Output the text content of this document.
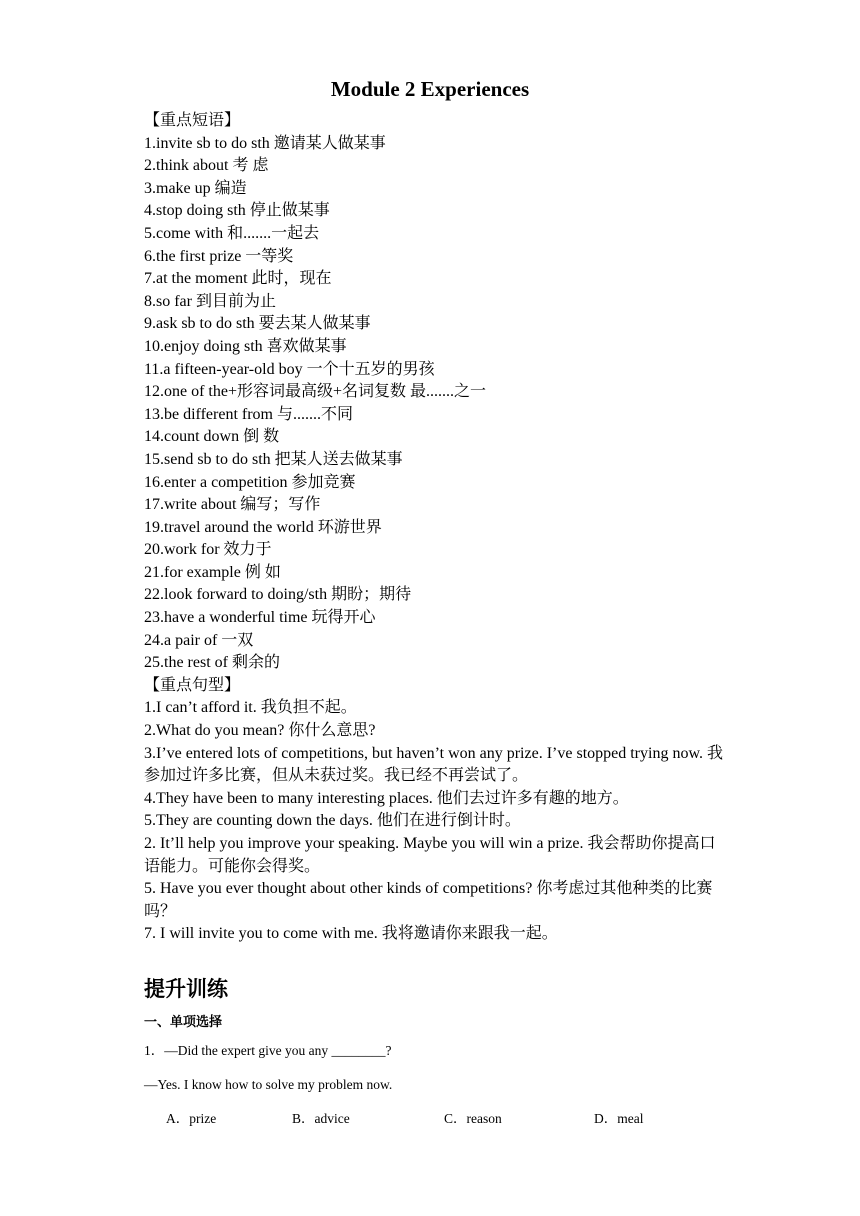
Module 2 Experiences
【重点短语】
1.invite sb to do sth 邀请某人做某事
2.think about 考 虑
3.make up 编造
4.stop doing sth 停止做某事
5.come with 和.......一起去
6.the first prize 一等奖
7.at the moment 此时，现在
8.so far 到目前为止
9.ask sb to do sth 要去某人做某事
10.enjoy doing sth 喜欢做某事
11.a fifteen-year-old boy 一个十五岁的男孩
12.one of the+形容词最高级+名词复数 最.......之一
13.be different from 与.......不同
14.count down 倒 数
15.send sb to do sth 把某人送去做某事
16.enter a competition 参加竞赛
17.write about 编写；写作
19.travel around the world 环游世界
20.work for 效力于
21.for example 例 如
22.look forward to doing/sth 期盼；期待
23.have a wonderful time 玩得开心
24.a pair of 一双
25.the rest of 剩余的
【重点句型】
1.I can’t afford it. 我负担不起。
2.What do you mean? 你什么意思?
3.I’ve entered lots of competitions, but haven’t won any prize. I’ve stopped trying now. 我参加过许多比赛，但从未获过奖。我已经不再尝试了。
4.They have been to many interesting places. 他们去过许多有趣的地方。
5.They are counting down the days. 他们在进行倒计时。
2. It’ll help you improve your speaking. Maybe you will win a prize. 我会帮助你提高口语能力。可能你会得奖。
5. Have you ever thought about other kinds of competitions? 你考虑过其他种类的比赛吗？
7. I will invite you to come with me. 我将邀请你来跟我一起。
提升训练
一、单项选择
1．—Did the expert give you any ________?
—Yes. I know how to solve my problem now.
A．prize	B．advice	C．reason	D．meal
